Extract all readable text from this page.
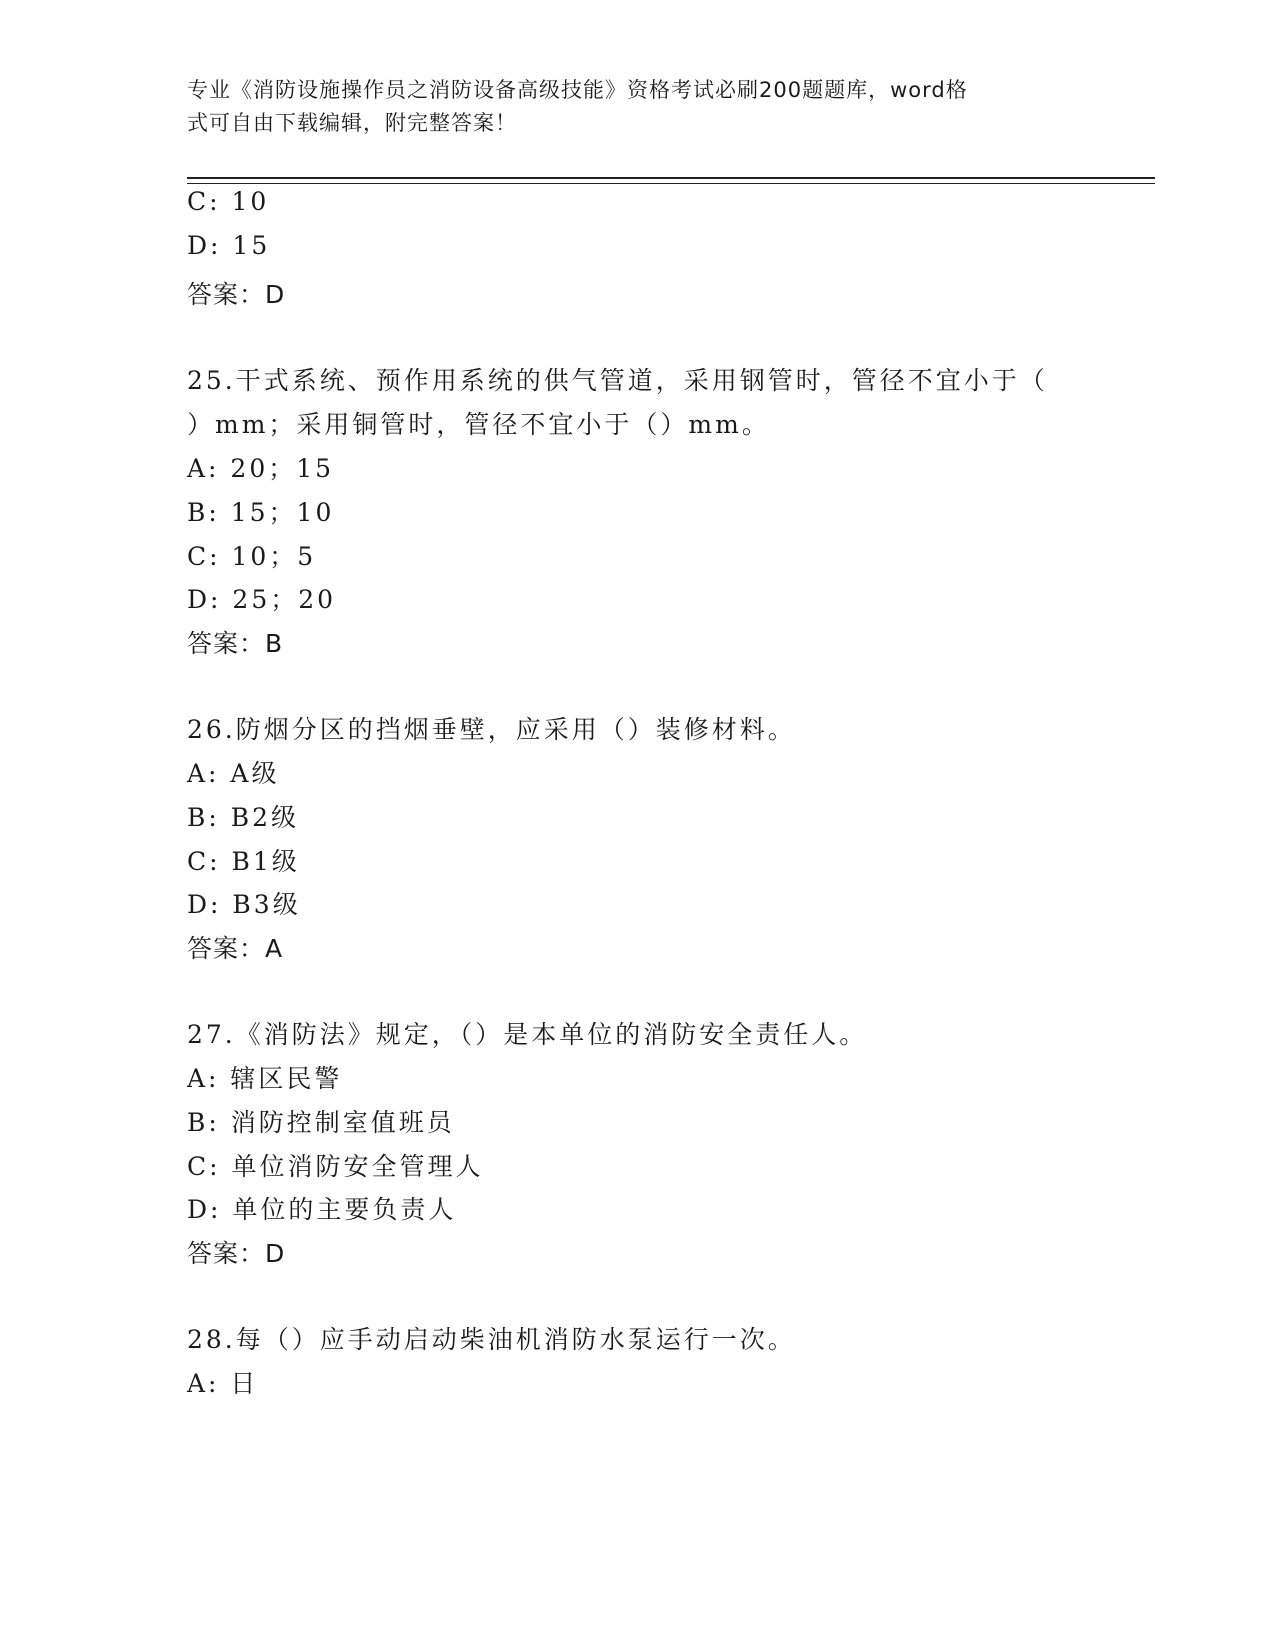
专业《消防设施操作员之消防设备高级技能》资格考试必刷200题题库，word格
式可自由下载编辑，附完整答案！
C: 10
D: 15
答案：D
25.干式系统、预作用系统的供气管道，采用钢管时，管径不宜小于（
）mm；采用铜管时，管径不宜小于（）mm。
A: 20；15
B: 15；10
C: 10；5
D: 25；20
答案：B
26.防烟分区的挡烟垂壁，应采用（）装修材料。
A: A级
B: B2级
C: B1级
D: B3级
答案：A
27.《消防法》规定，（）是本单位的消防安全责任人。
A: 辖区民警
B: 消防控制室值班员
C: 单位消防安全管理人
D: 单位的主要负责人
答案：D
28.每（）应手动启动柴油机消防水泵运行一次。
A: 日
